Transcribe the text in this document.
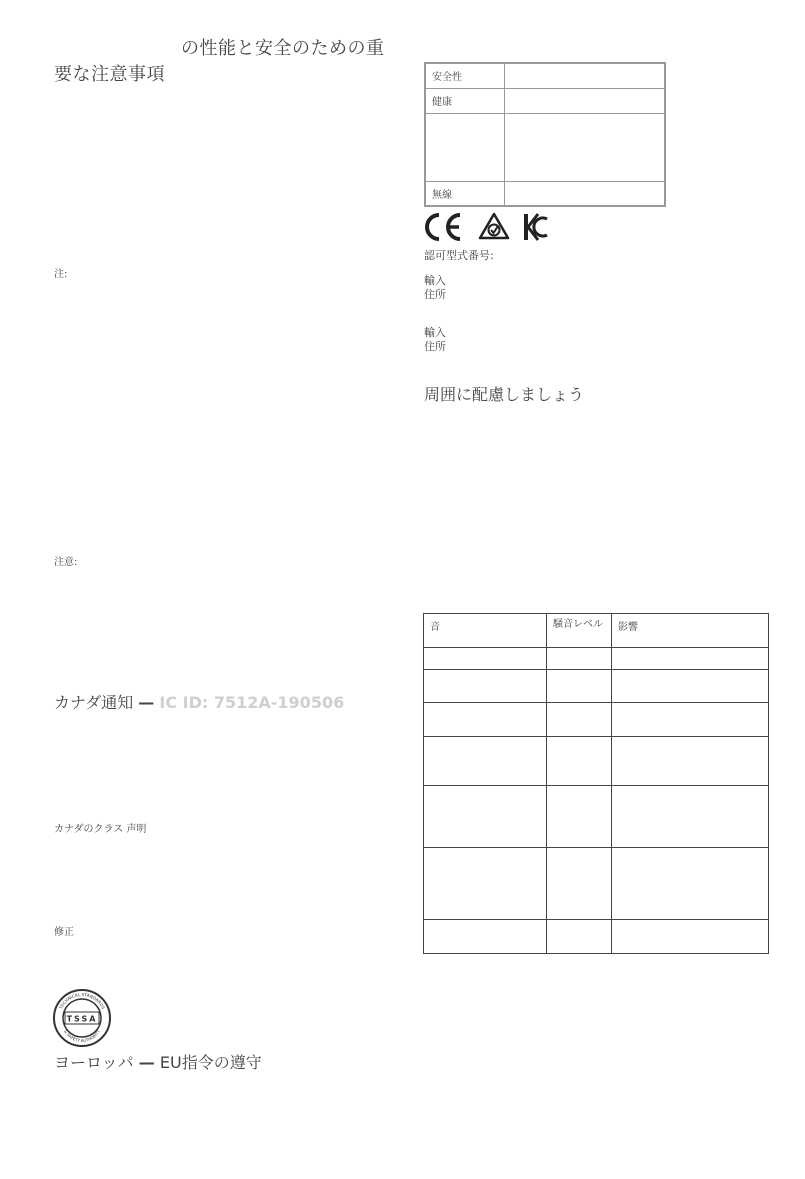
の性能と安全のための重
要な注意事項
注:
注意:
カナダ通知 — IC ID: 7512A-190506
カナダのクラス 声明
修正
TECHNICAL STANDARDS
TSSA
& SAFETY AUTHORITY
ヨーロッパ — EU指令の遵守
安全性	
健康	

無線	
認可型式番号:
輸入
住所
輸入
住所
周囲に配慮しましょう
音	騒音レベル	影響
